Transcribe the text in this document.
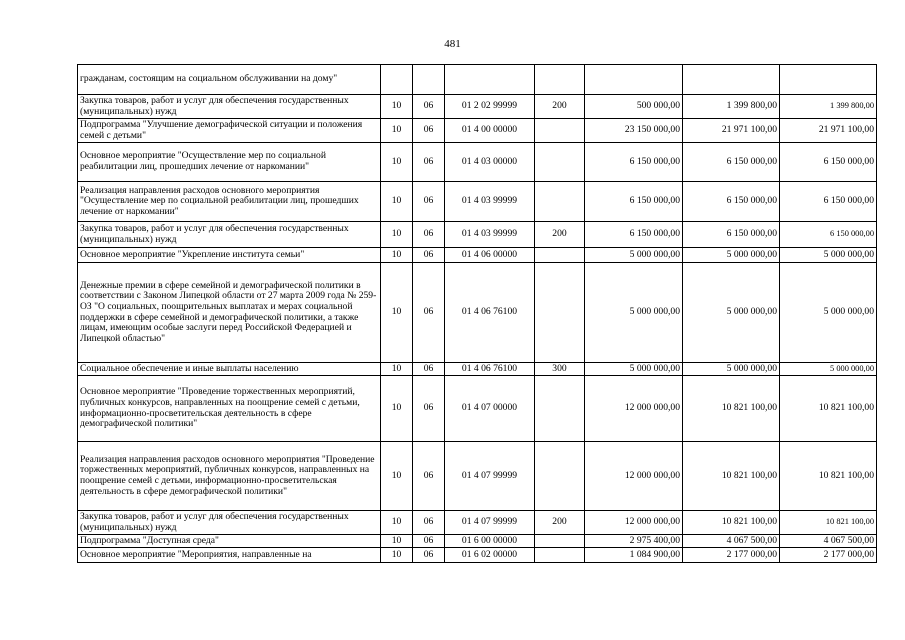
481
гражданам, состоящим на социальном обслуживании на дому"							
Закупка товаров, работ и услуг для обеспечения государственных (муниципальных) нужд	10	06	01 2 02 99999	200	500 000,00	1 399 800,00	1 399 800,00
Подпрограмма "Улучшение демографической ситуации и положения семей с детьми"	10	06	01 4 00 00000		23 150 000,00	21 971 100,00	21 971 100,00
Основное мероприятие "Осуществление мер по социальной реабилитации лиц, прошедших лечение от наркомании"	10	06	01 4 03 00000		6 150 000,00	6 150 000,00	6 150 000,00
Реализация направления расходов основного мероприятия "Осуществление мер по социальной реабилитации лиц, прошедших лечение от наркомании"	10	06	01 4 03 99999		6 150 000,00	6 150 000,00	6 150 000,00
Закупка товаров, работ и услуг для обеспечения государственных (муниципальных) нужд	10	06	01 4 03 99999	200	6 150 000,00	6 150 000,00	6 150 000,00
Основное мероприятие "Укрепление института семьи"	10	06	01 4 06 00000		5 000 000,00	5 000 000,00	5 000 000,00
Денежные премии в сфере семейной и демографической политики в соответствии с Законом Липецкой области от 27 марта 2009 года № 259-ОЗ "О социальных, поощрительных выплатах и мерах социальной поддержки в сфере семейной и демографической политики, а также лицам, имеющим особые заслуги перед Российской Федерацией и Липецкой областью"	10	06	01 4 06 76100		5 000 000,00	5 000 000,00	5 000 000,00
Социальное обеспечение и иные выплаты населению	10	06	01 4 06 76100	300	5 000 000,00	5 000 000,00	5 000 000,00
Основное мероприятие "Проведение торжественных мероприятий, публичных конкурсов, направленных на поощрение семей с детьми, информационно-просветительская деятельность в сфере демографической политики"	10	06	01 4 07 00000		12 000 000,00	10 821 100,00	10 821 100,00
Реализация направления расходов основного мероприятия "Проведение торжественных мероприятий, публичных конкурсов, направленных на поощрение семей с детьми, информационно-просветительская деятельность в сфере демографической политики"	10	06	01 4 07 99999		12 000 000,00	10 821 100,00	10 821 100,00
Закупка товаров, работ и услуг для обеспечения государственных (муниципальных) нужд	10	06	01 4 07 99999	200	12 000 000,00	10 821 100,00	10 821 100,00
Подпрограмма "Доступная среда"	10	06	01 6 00 00000		2 975 400,00	4 067 500,00	4 067 500,00
Основное мероприятие "Мероприятия, направленные на	10	06	01 6 02 00000		1 084 900,00	2 177 000,00	2 177 000,00
